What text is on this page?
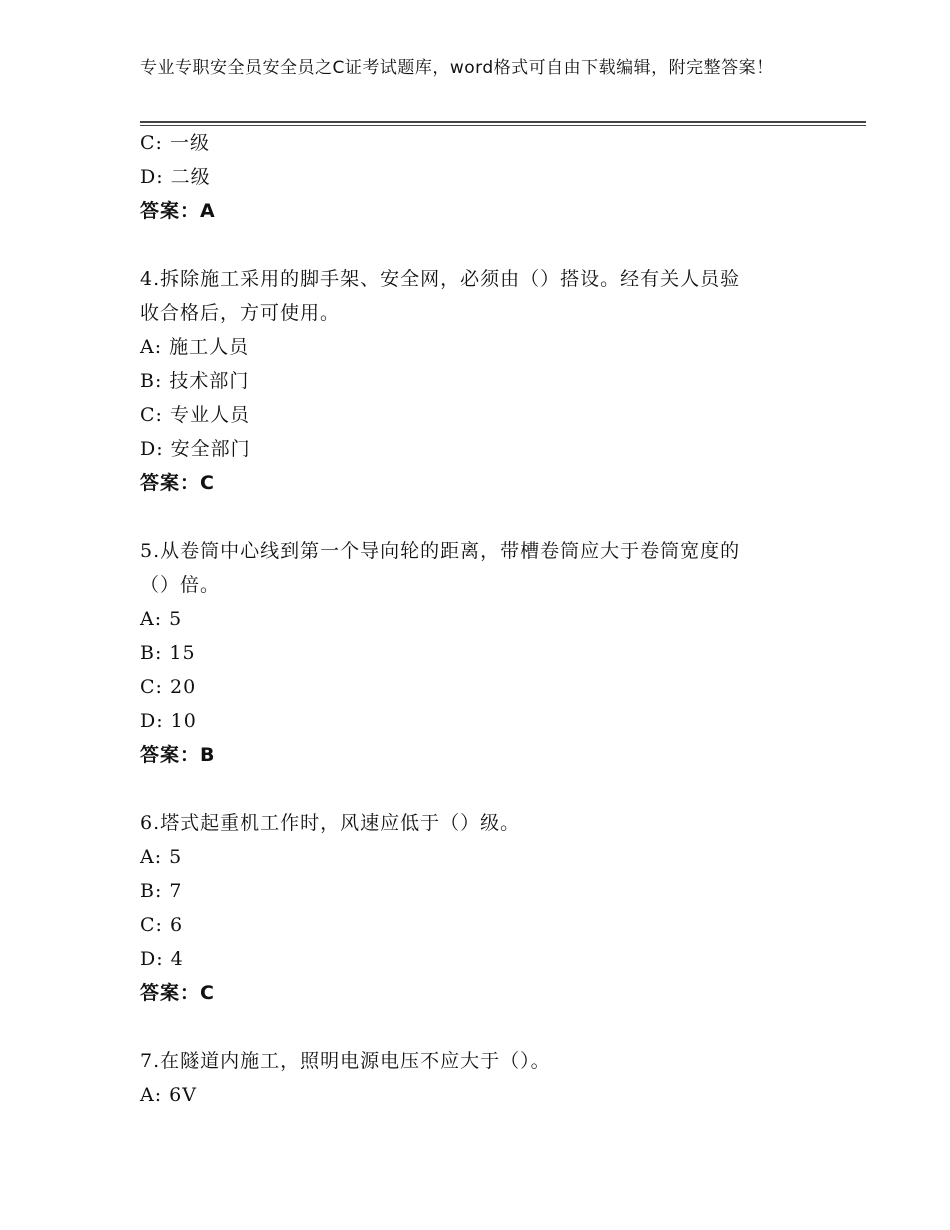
专业专职安全员安全员之C证考试题库，word格式可自由下载编辑，附完整答案！
C: 一级
D: 二级
答案：A
4.拆除施工采用的脚手架、安全网，必须由（）搭设。经有关人员验
收合格后，方可使用。
A: 施工人员
B: 技术部门
C: 专业人员
D: 安全部门
答案：C
5.从卷筒中心线到第一个导向轮的距离，带槽卷筒应大于卷筒宽度的
（）倍。
A: 5
B: 15
C: 20
D: 10
答案：B
6.塔式起重机工作时，风速应低于（）级。
A: 5
B: 7
C: 6
D: 4
答案：C
7.在隧道内施工，照明电源电压不应大于（）。
A: 6V
